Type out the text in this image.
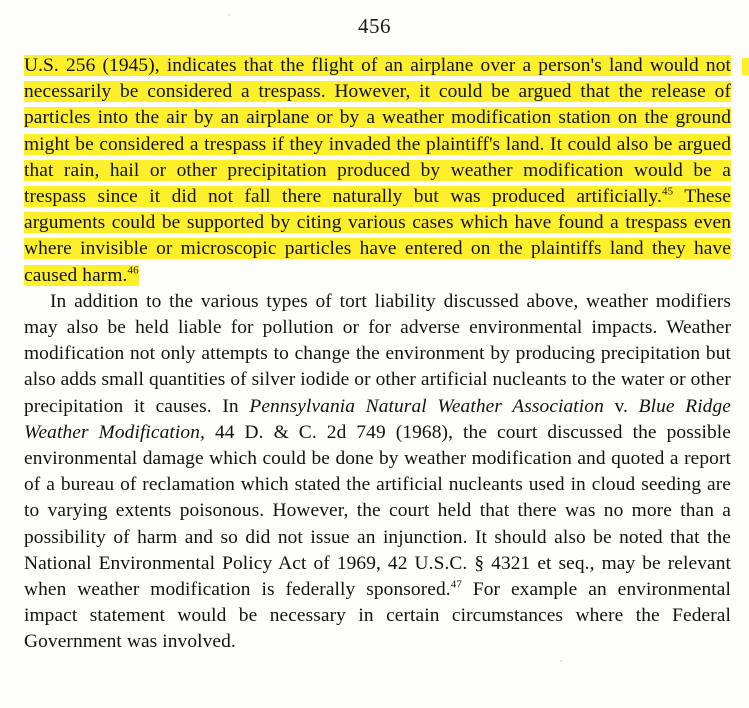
456

U.S. 256 (1945), indicates that the flight of an airplane over a person's land would not necessarily be considered a trespass. However, it could be argued that the release of particles into the air by an airplane or by a weather modification station on the ground might be considered a trespass if they invaded the plaintiff's land. It could also be argued that rain, hail or other precipitation produced by weather modification would be a trespass since it did not fall there naturally but was produced artificially.$^{45}$ These arguments could be supported by citing various cases which have found a trespass even where invisible or microscopic particles have entered on the plaintiffs land they have caused harm.$^{46}$

In addition to the various types of tort liability discussed above, weather modifiers may also be held liable for pollution or for adverse environmental impacts. Weather modification not only attempts to change the environment by producing precipitation but also adds small quantities of silver iodide or other artificial nucleants to the water or other precipitation it causes. In Pennsylvania Natural Weather Association v. Blue Ridge Weather Modification, 44 D. & C. 2d 749 (1968), the court discussed the possible environmental damage which could be done by weather modification and quoted a report of a bureau of reclamation which stated the artificial nucleants used in cloud seeding are to varying extents poisonous. However, the court held that there was no more than a possibility of harm and so did not issue an injunction. It should also be noted that the National Environmental Policy Act of 1969, 42 U.S.C. § 4321 et seq., may be relevant when weather modification is federally sponsored.$^{47}$ For example an environmental impact statement would be necessary in certain circumstances where the Federal Government was involved.
